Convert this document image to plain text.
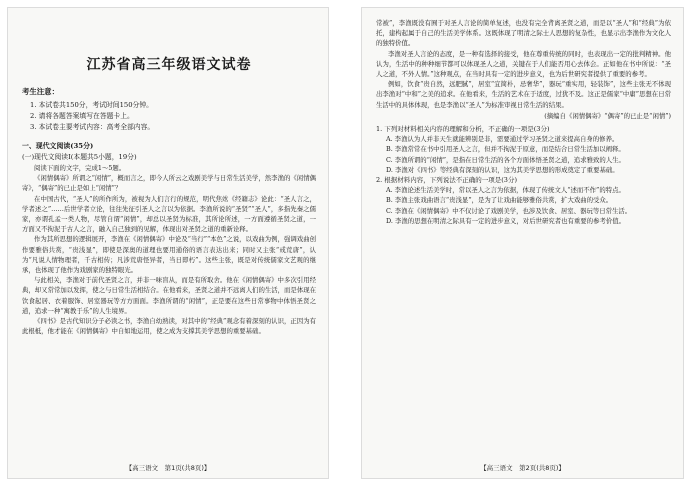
江苏省高三年级语文试卷
考生注意：
1. 本试卷共150分，考试时间150分钟。
2. 请将各题答案填写在答题卡上。
3. 本试卷主要考试内容：高考全部内容。
一、现代文阅读(35分)
(一)现代文阅读Ⅰ(本题共5小题，19分)

阅读下面的文字，完成1～5题。

《闲情偶寄》所谓之“闲情”，概而言之，即今人所云之戏剧美学与日常生活美学，然李渔的《闲情偶寄》，“偶寄”的已止是如上“闲情”？

在中国古代，“圣人”的所作所为，被视为人们言行的规范，明代焦竑《经籍志》论此：“圣人言之，学者述之”……后世学者立论，往往先征引圣人之言以为依据。李渔所说的“圣贤”“圣人”，多指先秦之儒家，亦谓孔孟一类人物，尽管自谓“闲情”，却总以圣贤为标准，其所论所述，一方面遵循圣贤之道，一方面又不拘泥于古人之言，融入自己独到的见解，体现出对圣贤之道的重新诠释。

作为其所思想的逻辑展开，李渔在《闲情偶寄》中论及“当行”“本色”之说，以戏曲为例，强调戏曲创作要雅俗共赏，“贵浅显”，即使是深奥的道理也要用通俗的语言表达出来；同时又主张“戒荒唐”，认为“凡说人情物理者，千古相传；凡涉荒唐怪异者，当日即朽”。这些主张，既是对传统儒家文艺观的继承，也体现了他作为戏剧家的独特眼光。

与此相关，李渔对于前代圣贤之言，并非一味盲从，而是有所取舍。他在《闲情偶寄》中多次引用经典，却又常常加以发挥，使之与日常生活相结合。在他看来，圣贤之道并不远离人们的生活，而是体现在饮食起居、衣着服饰、居室器玩等方方面面。李渔所谓的“闲情”，正是要在这些日常事物中体悟圣贤之道，追求一种“寓教于乐”的人生境界。

《四书》是古代知识分子必读之书，李渔自幼熟读，对其中的“经典”观念有着深刻的认识，正因为有此根柢，他才能在《闲情偶寄》中自如地运用，使之成为支撑其美学思想的重要基础。

【高三语文　第1页(共8页)】

常被”，李渔既没有囿于对圣人言论的简单复述，也没有完全背离圣贤之道，而是以“圣人”和“经典”为依托，建构起属于自己的生活美学体系。这既体现了明清之际士人思想的复杂性，也显示出李渔作为文化人的独特价值。

李渔对圣人言论的态度，是一种有选择的接受，他在尊重传统的同时，也表现出一定的批判精神。他认为，生活中的种种细节都可以体现圣人之道，关键在于人们能否用心去体会。正如他在书中所说：“圣人之道，不外人情。”这种观点，在当时具有一定的进步意义，也为后世研究者提供了重要的参考。

例如，饮食“贵自然，远肥腻”，居室“宜简朴，忌奢华”，器玩“重实用，轻装饰”，这些主张无不体现出李渔对“中和”之美的追求。在他看来，生活的艺术在于适度，过犹不及。这正是儒家“中庸”思想在日常生活中的具体体现，也是李渔以“圣人”为标准审视日常生活的结果。

(摘编自《闲情偶寄》“偶寄”的已止是“闲情”)

1. 下列对材料相关内容的理解和分析，不正确的一项是(3分)

A. 李渔认为人并非天生就能辨别是非，需要通过学习圣贤之道来提高自身的修养。

B. 李渔常常在书中引用圣人之言，但并不拘泥于原意，而是结合日常生活加以阐释。

C. 李渔所谓的“闲情”，是指在日常生活的各个方面体悟圣贤之道，追求雅致的人生。

D. 李渔对《四书》等经典有深刻的认识，这为其美学思想的形成奠定了重要基础。

2. 根据材料内容，下列说法不正确的一项是(3分)

A. 李渔论述生活美学时，常以圣人之言为依据，体现了传统文人“述而不作”的特点。

B. 李渔主张戏曲语言“贵浅显”，是为了让戏曲能够雅俗共赏，扩大戏曲的受众。

C. 李渔在《闲情偶寄》中不仅讨论了戏剧美学，也涉及饮食、居室、器玩等日常生活。

D. 李渔的思想在明清之际具有一定的进步意义，对后世研究者也有重要的参考价值。

【高三语文　第2页(共8页)】
